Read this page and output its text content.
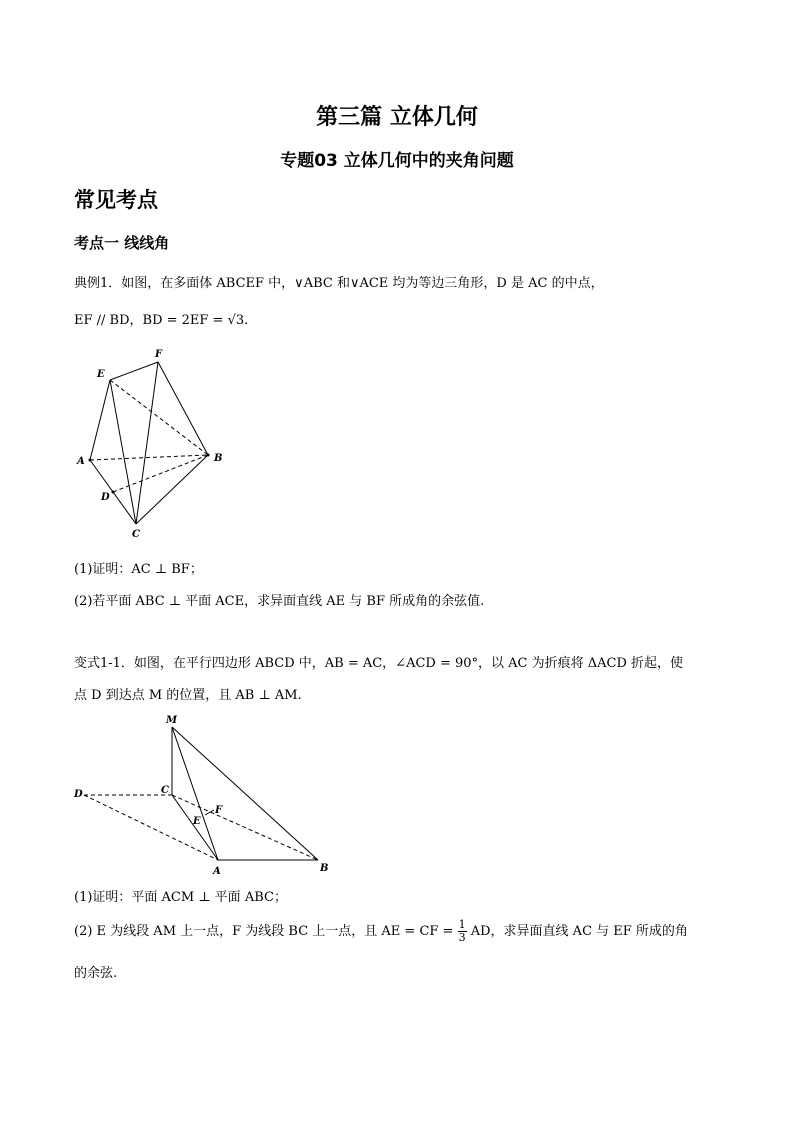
第三篇 立体几何
专题03 立体几何中的夹角问题
常见考点
考点一 线线角
典例1．如图，在多面体 ABCEF 中，∨ABC 和∨ACE 均为等边三角形，D 是 AC 的中点，
EF // BD，BD = 2EF = √3.
E
F
A	B
D
C
(1)证明：AC ⊥ BF；
(2)若平面 ABC ⊥ 平面 ACE，求异面直线 AE 与 BF 所成角的余弦值.
变式1-1．如图，在平行四边形 ABCD 中，AB = AC，∠ACD = 90°，以 AC 为折痕将 ΔACD 折起，使
点 D 到达点 M 的位置，且 AB ⊥ AM.
M
D	C
F
E
A	B
(1)证明：平面 ACM ⊥ 平面 ABC；
(2) E 为线段 AM 上一点，F 为线段 BC 上一点，且 AE = CF = $\frac{1}{3}$ AD，求异面直线 AC 与 EF 所成的角
的余弦.
